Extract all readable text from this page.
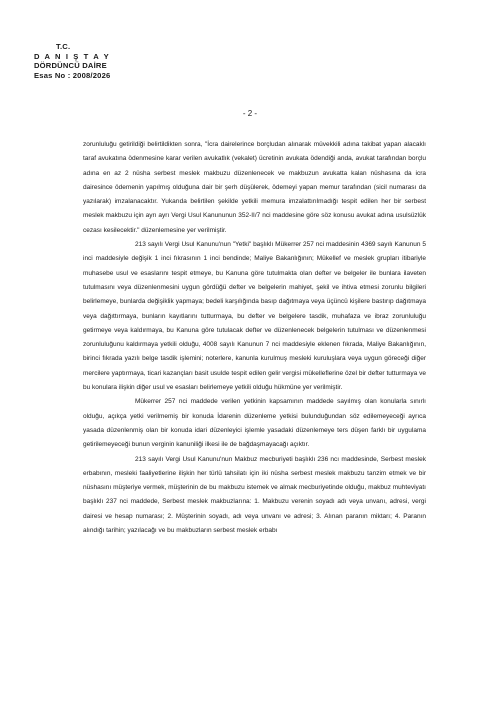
T.C.
D A N I Ş T A Y
DÖRDÜNCÜ DAİRE
Esas No : 2008/2026
- 2 -

zorunluluğu getirildiği belirtildikten sonra, "İcra dairelerince borçludan alınarak müvekkili adına takibat yapan alacaklı taraf avukatına ödenmesine karar verilen avukatlık (vekalet) ücretinin avukata ödendiği anda, avukat tarafından borçlu adına en az 2 nüsha serbest meslek makbuzu düzenlenecek ve makbuzun avukatta kalan nüshasına da icra dairesince ödemenin yapılmış olduğuna dair bir şerh düşülerek, ödemeyi yapan memur tarafından (sicil numarası da yazılarak) imzalanacaktır. Yukarıda belirtilen şekilde yetkili memura imzalattırılmadığı tespit edilen her bir serbest meslek makbuzu için ayrı ayrı Vergi Usul Kanununun 352-II/7 nci maddesine göre söz konusu avukat adına usulsüzlük cezası kesilecektir." düzenlemesine yer verilmiştir.

213 sayılı Vergi Usul Kanunu'nun "Yetki" başlıklı Mükerrer 257 nci maddesinin 4369 sayılı Kanunun 5 inci maddesiyle değişik 1 inci fıkrasının 1 inci bendinde; Maliye Bakanlığının; Mükellef ve meslek grupları itibariyle muhasebe usul ve esaslarını tespit etmeye, bu Kanuna göre tutulmakta olan defter ve belgeler ile bunlara ilaveten tutulmasını veya düzenlenmesini uygun gördüğü defter ve belgelerin mahiyet, şekil ve ihtiva etmesi zorunlu bilgileri belirlemeye, bunlarda değişiklik yapmaya; bedeli karşılığında basıp dağıtmaya veya üçüncü kişilere bastırıp dağıtmaya veya dağıttırmaya, bunların kayıtlarını tutturmaya, bu defter ve belgelere tasdik, muhafaza ve ibraz zorunluluğu getirmeye veya kaldırmaya, bu Kanuna göre tutulacak defter ve düzenlenecek belgelerin tutulması ve düzenlenmesi zorunluluğunu kaldırmaya yetkili olduğu, 4008 sayılı Kanunun 7 nci maddesiyle eklenen fıkrada, Maliye Bakanlığının, birinci fıkrada yazılı belge tasdik işlemini; noterlere, kanunla kurulmuş mesleki kuruluşlara veya uygun göreceği diğer mercilere yaptırmaya, ticari kazançları basit usulde tespit edilen gelir vergisi mükelleflerine özel bir defter tutturmaya ve bu konulara ilişkin diğer usul ve esasları belirlemeye yetkili olduğu hükmüne yer verilmiştir.

Mükerrer 257 nci maddede verilen yetkinin kapsamının maddede sayılmış olan konularla sınırlı olduğu, açıkça yetki verilmemiş bir konuda İdarenin düzenleme yetkisi bulunduğundan söz edilemeyeceği ayrıca yasada düzenlenmiş olan bir konuda idari düzenleyici işlemle yasadaki düzenlemeye ters düşen farklı bir uygulama getirilemeyeceği bunun verginin kanuniliği ilkesi ile de bağdaşmayacağı açıktır.

213 sayılı Vergi Usul Kanunu'nun Makbuz mecburiyeti başlıklı 236 ncı maddesinde, Serbest meslek erbabının, mesleki faaliyetlerine ilişkin her türlü tahsilatı için iki nüsha serbest meslek makbuzu tanzim etmek ve bir nüshasını müşteriye vermek, müşterinin de bu makbuzu istemek ve almak mecburiyetinde olduğu, makbuz muhteviyatı başlıklı 237 nci maddede, Serbest meslek makbuzlarına: 1. Makbuzu verenin soyadı adı veya unvanı, adresi, vergi dairesi ve hesap numarası; 2. Müşterinin soyadı, adı veya unvanı ve adresi; 3. Alınan paranın miktarı; 4. Paranın alındığı tarihin; yazılacağı ve bu makbuzların serbest meslek erbabı
